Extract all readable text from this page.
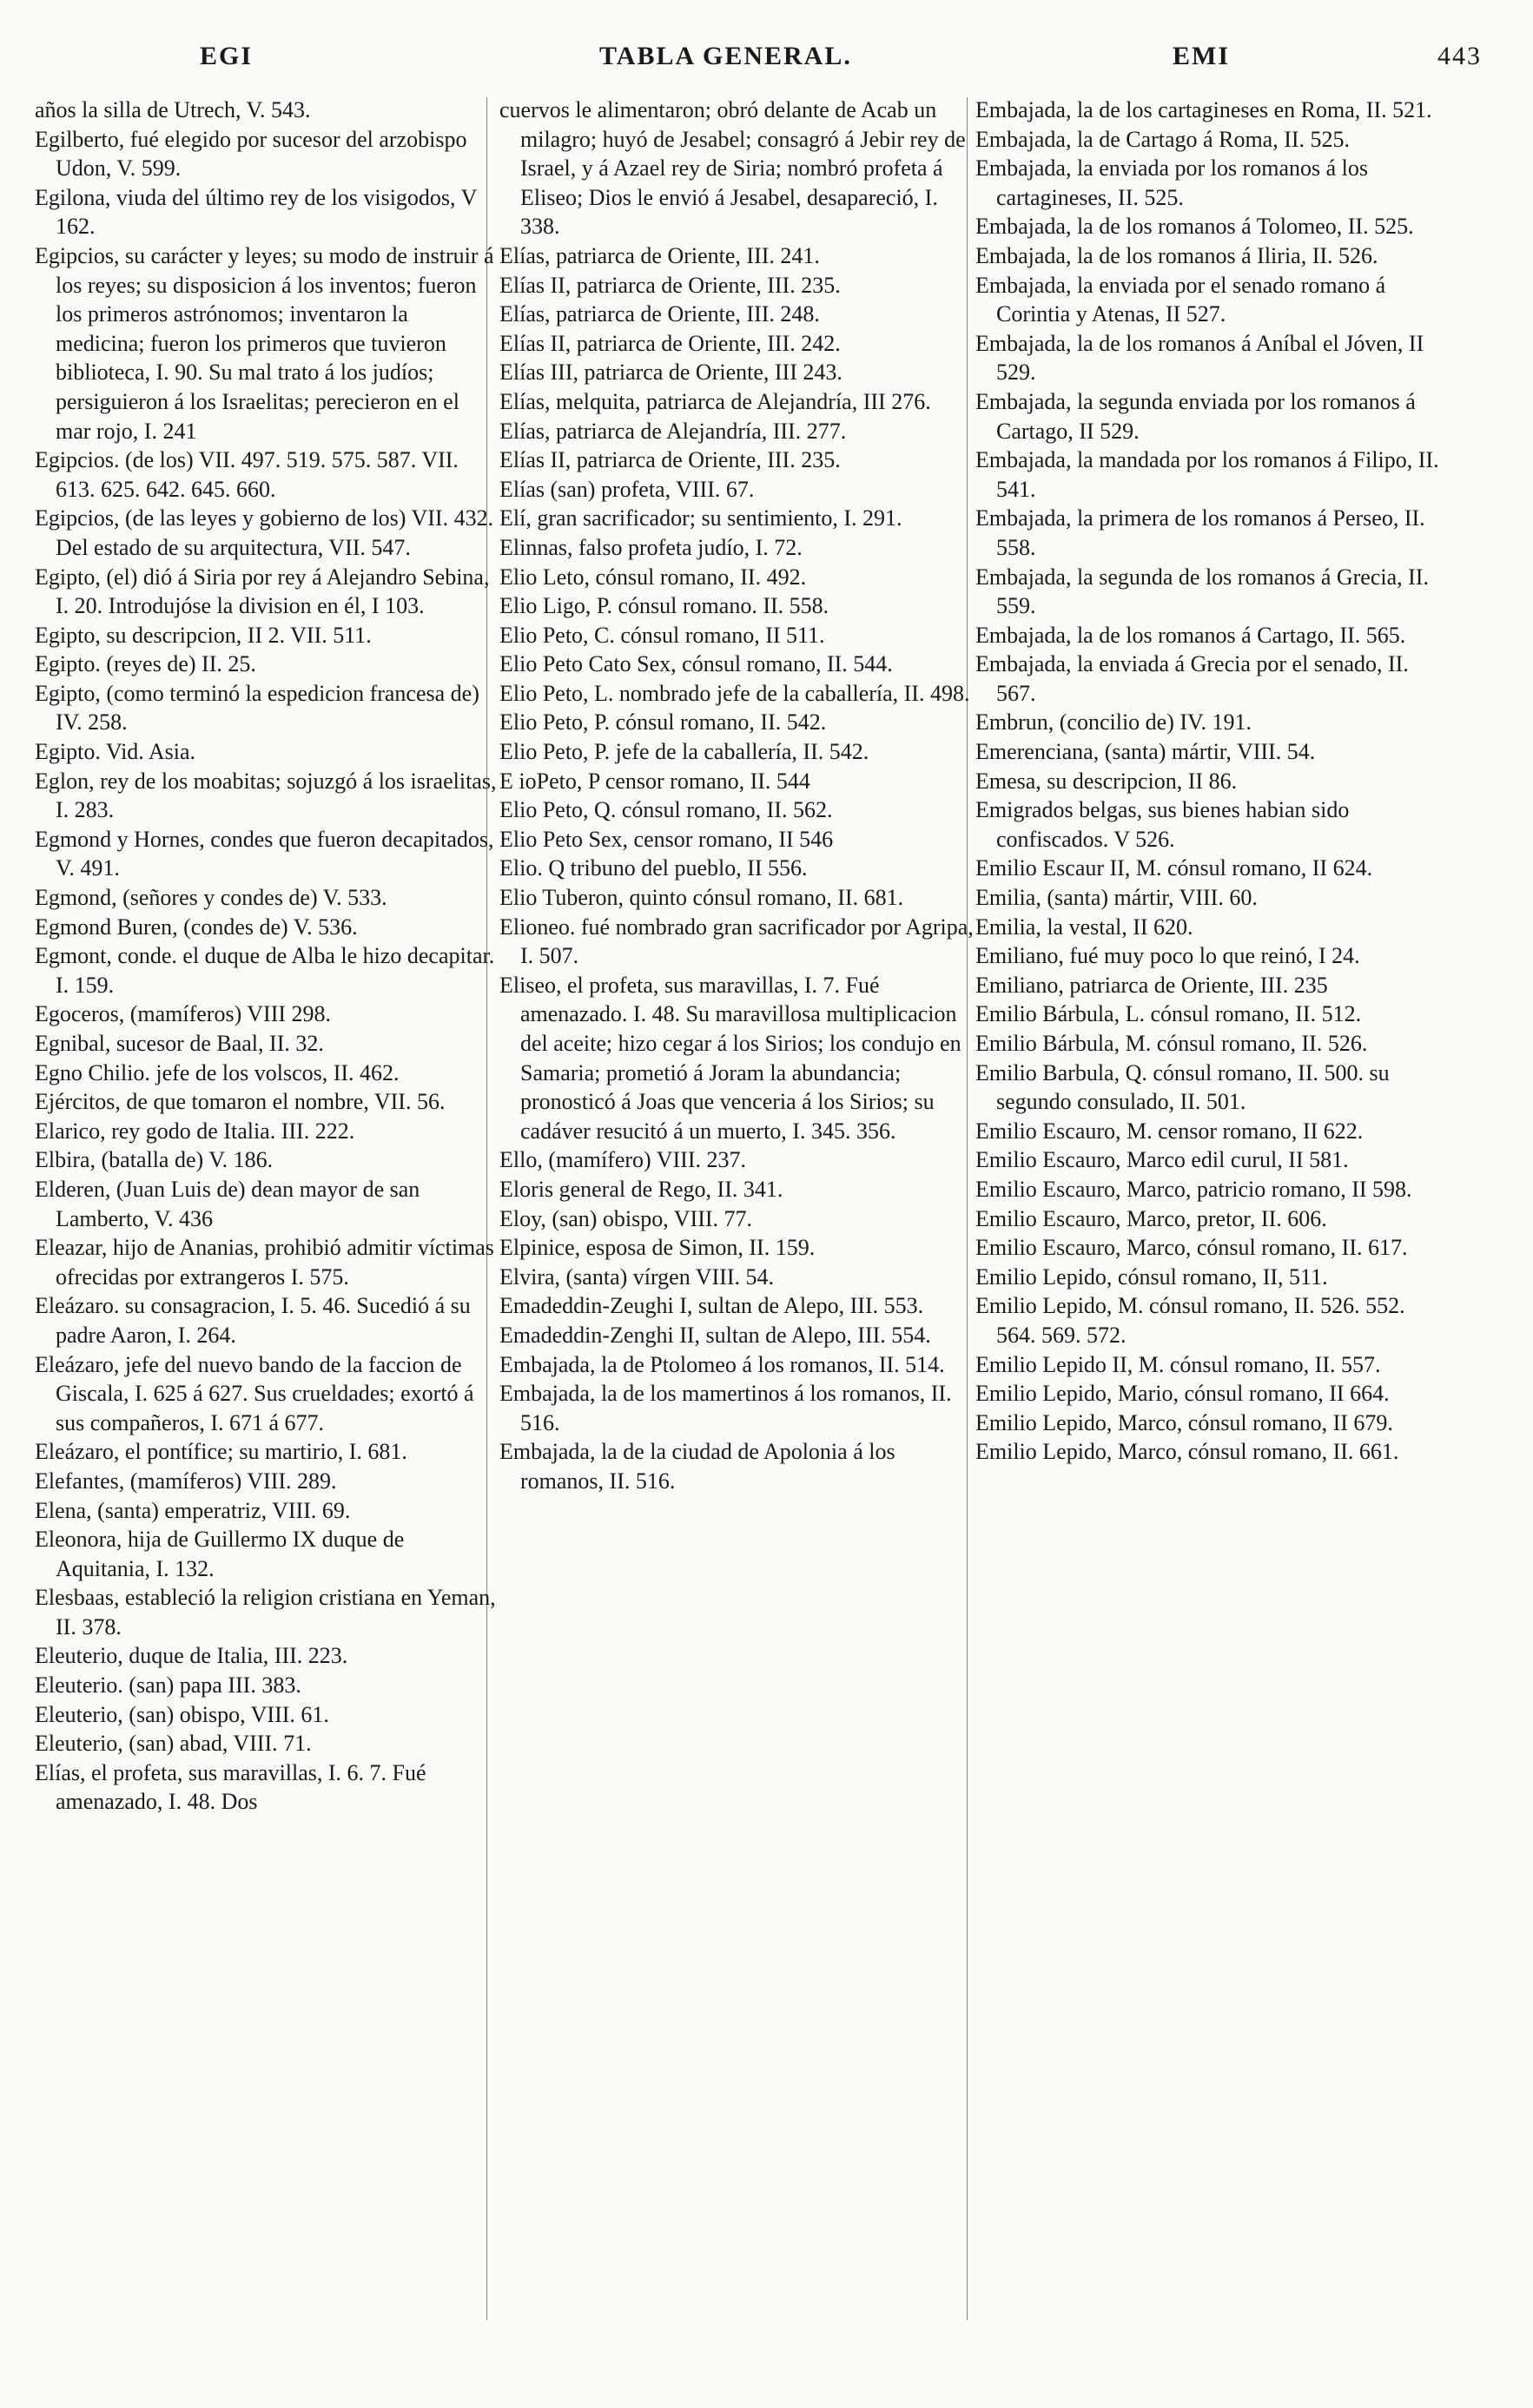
EGI	TABLA GENERAL.	EMI	443

años la silla de Utrech, V. 543.

Egilberto, fué elegido por sucesor del arzobispo Udon, V. 599.

Egilona, viuda del último rey de los visigodos, V 162.

Egipcios, su carácter y leyes; su modo de instruir á los reyes; su disposicion á los inventos; fueron los primeros astrónomos; inventaron la medicina; fueron los primeros que tuvieron biblioteca, I. 90. Su mal trato á los judíos; persiguieron á los Israelitas; perecieron en el mar rojo, I. 241

Egipcios. (de los) VII. 497. 519. 575. 587. VII. 613. 625. 642. 645. 660.

Egipcios, (de las leyes y gobierno de los) VII. 432. Del estado de su arquitectura, VII. 547.

Egipto, (el) dió á Siria por rey á Alejandro Sebina, I. 20. Introdujóse la division en él, I 103.

Egipto, su descripcion, II 2. VII. 511.

Egipto. (reyes de) II. 25.

Egipto, (como terminó la espedicion francesa de) IV. 258.

Egipto. Vid. Asia.

Eglon, rey de los moabitas; sojuzgó á los israelitas, I. 283.

Egmond y Hornes, condes que fueron decapitados, V. 491.

Egmond, (señores y condes de) V. 533.

Egmond Buren, (condes de) V. 536.

Egmont, conde. el duque de Alba le hizo decapitar. I. 159.

Egoceros, (mamíferos) VIII 298.

Egnibal, sucesor de Baal, II. 32.

Egno Chilio. jefe de los volscos, II. 462.

Ejércitos, de que tomaron el nombre, VII. 56.

Elarico, rey godo de Italia. III. 222.

Elbira, (batalla de) V. 186.

Elderen, (Juan Luis de) dean mayor de san Lamberto, V. 436

Eleazar, hijo de Ananias, prohibió admitir víctimas ofrecidas por extrangeros I. 575.

Eleázaro. su consagracion, I. 5. 46. Sucedió á su padre Aaron, I. 264.

Eleázaro, jefe del nuevo bando de la faccion de Giscala, I. 625 á 627. Sus crueldades; exortó á sus compañeros, I. 671 á 677.

Eleázaro, el pontífice; su martirio, I. 681.

Elefantes, (mamíferos) VIII. 289.

Elena, (santa) emperatriz, VIII. 69.

Eleonora, hija de Guillermo IX duque de Aquitania, I. 132.

Elesbaas, estableció la religion cristiana en Yeman, II. 378.

Eleuterio, duque de Italia, III. 223.

Eleuterio. (san) papa III. 383.

Eleuterio, (san) obispo, VIII. 61.

Eleuterio, (san) abad, VIII. 71.

Elías, el profeta, sus maravillas, I. 6. 7. Fué amenazado, I. 48. Dos

cuervos le alimentaron; obró delante de Acab un milagro; huyó de Jesabel; consagró á Jebir rey de Israel, y á Azael rey de Siria; nombró profeta á Eliseo; Dios le envió á Jesabel, desapareció, I. 338.

Elías, patriarca de Oriente, III. 241.

Elías II, patriarca de Oriente, III. 235.

Elías, patriarca de Oriente, III. 248.

Elías II, patriarca de Oriente, III. 242.

Elías III, patriarca de Oriente, III 243.

Elías, melquita, patriarca de Alejandría, III 276.

Elías, patriarca de Alejandría, III. 277.

Elías II, patriarca de Oriente, III. 235.

Elías (san) profeta, VIII. 67.

Elí, gran sacrificador; su sentimiento, I. 291.

Elinnas, falso profeta judío, I. 72.

Elio Leto, cónsul romano, II. 492.

Elio Ligo, P. cónsul romano. II. 558.

Elio Peto, C. cónsul romano, II 511.

Elio Peto Cato Sex, cónsul romano, II. 544.

Elio Peto, L. nombrado jefe de la caballería, II. 498.

Elio Peto, P. cónsul romano, II. 542.

Elio Peto, P. jefe de la caballería, II. 542.

E ioPeto, P censor romano, II. 544

Elio Peto, Q. cónsul romano, II. 562.

Elio Peto Sex, censor romano, II 546

Elio. Q tribuno del pueblo, II 556.

Elio Tuberon, quinto cónsul romano, II. 681.

Elioneo. fué nombrado gran sacrificador por Agripa, I. 507.

Eliseo, el profeta, sus maravillas, I. 7. Fué amenazado. I. 48. Su maravillosa multiplicacion del aceite; hizo cegar á los Sirios; los condujo en Samaria; prometió á Joram la abundancia; pronosticó á Joas que venceria á los Sirios; su cadáver resucitó á un muerto, I. 345. 356.

Ello, (mamífero) VIII. 237.

Eloris general de Rego, II. 341.

Eloy, (san) obispo, VIII. 77.

Elpinice, esposa de Simon, II. 159.

Elvira, (santa) vírgen VIII. 54.

Emadeddin-Zeughi I, sultan de Alepo, III. 553.

Emadeddin-Zenghi II, sultan de Alepo, III. 554.

Embajada, la de Ptolomeo á los romanos, II. 514.

Embajada, la de los mamertinos á los romanos, II. 516.

Embajada, la de la ciudad de Apolonia á los romanos, II. 516.

Embajada, la de los cartagineses en Roma, II. 521.

Embajada, la de Cartago á Roma, II. 525.

Embajada, la enviada por los romanos á los cartagineses, II. 525.

Embajada, la de los romanos á Tolomeo, II. 525.

Embajada, la de los romanos á Iliria, II. 526.

Embajada, la enviada por el senado romano á Corintia y Atenas, II 527.

Embajada, la de los romanos á Aníbal el Jóven, II 529.

Embajada, la segunda enviada por los romanos á Cartago, II 529.

Embajada, la mandada por los romanos á Filipo, II. 541.

Embajada, la primera de los romanos á Perseo, II. 558.

Embajada, la segunda de los romanos á Grecia, II. 559.

Embajada, la de los romanos á Cartago, II. 565.

Embajada, la enviada á Grecia por el senado, II. 567.

Embrun, (concilio de) IV. 191.

Emerenciana, (santa) mártir, VIII. 54.

Emesa, su descripcion, II 86.

Emigrados belgas, sus bienes habian sido confiscados. V 526.

Emilio Escaur II, M. cónsul romano, II 624.

Emilia, (santa) mártir, VIII. 60.

Emilia, la vestal, II 620.

Emiliano, fué muy poco lo que reinó, I 24.

Emiliano, patriarca de Oriente, III. 235

Emilio Bárbula, L. cónsul romano, II. 512.

Emilio Bárbula, M. cónsul romano, II. 526.

Emilio Barbula, Q. cónsul romano, II. 500. su segundo consulado, II. 501.

Emilio Escauro, M. censor romano, II 622.

Emilio Escauro, Marco edil curul, II 581.

Emilio Escauro, Marco, patricio romano, II 598.

Emilio Escauro, Marco, pretor, II. 606.

Emilio Escauro, Marco, cónsul romano, II. 617.

Emilio Lepido, cónsul romano, II, 511.

Emilio Lepido, M. cónsul romano, II. 526. 552. 564. 569. 572.

Emilio Lepido II, M. cónsul romano, II. 557.

Emilio Lepido, Mario, cónsul romano, II 664.

Emilio Lepido, Marco, cónsul romano, II 679.

Emilio Lepido, Marco, cónsul romano, II. 661.
